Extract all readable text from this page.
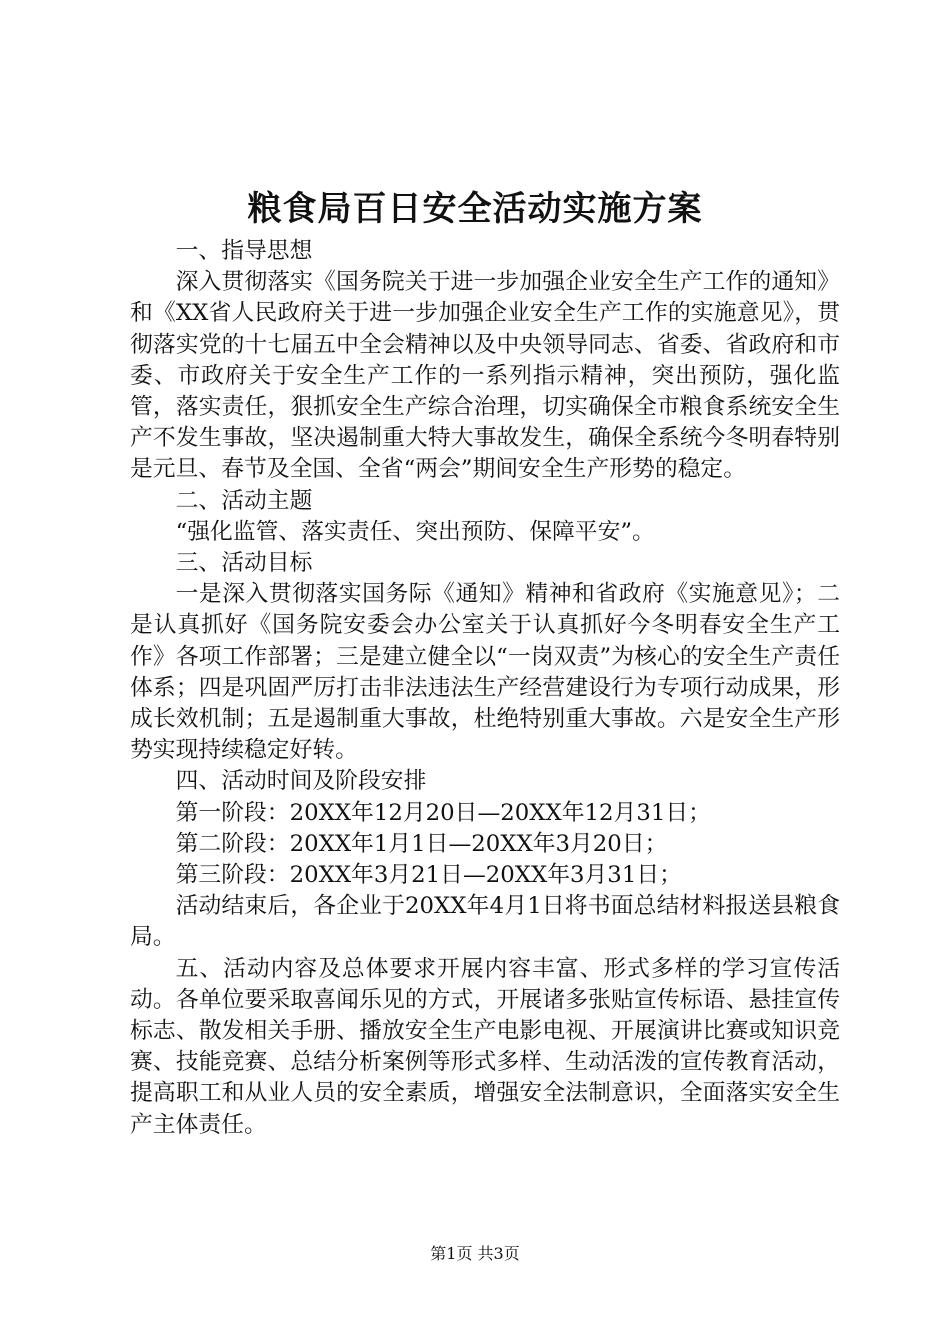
粮食局百日安全活动实施方案

一、指导思想

深入贯彻落实《国务院关于进一步加强企业安全生产工作的通知》和《XX省人民政府关于进一步加强企业安全生产工作的实施意见》，贯彻落实党的十七届五中全会精神以及中央领导同志、省委、省政府和市委、市政府关于安全生产工作的一系列指示精神，突出预防，强化监管，落实责任，狠抓安全生产综合治理，切实确保全市粮食系统安全生产不发生事故，坚决遏制重大特大事故发生，确保全系统今冬明春特别是元旦、春节及全国、全省“两会”期间安全生产形势的稳定。

二、活动主题

“强化监管、落实责任、突出预防、保障平安”。

三、活动目标

一是深入贯彻落实国务际《通知》精神和省政府《实施意见》；二是认真抓好《国务院安委会办公室关于认真抓好今冬明春安全生产工作》各项工作部署；三是建立健全以“一岗双责”为核心的安全生产责任体系；四是巩固严厉打击非法违法生产经营建设行为专项行动成果，形成长效机制；五是遏制重大事故，杜绝特别重大事故。六是安全生产形势实现持续稳定好转。

四、活动时间及阶段安排

第一阶段：20XX年12月20日—20XX年12月31日；

第二阶段：20XX年1月1日—20XX年3月20日；

第三阶段：20XX年3月21日—20XX年3月31日；

活动结束后，各企业于20XX年4月1日将书面总结材料报送县粮食局。

五、活动内容及总体要求开展内容丰富、形式多样的学习宣传活动。各单位要采取喜闻乐见的方式，开展诸多张贴宣传标语、悬挂宣传标志、散发相关手册、播放安全生产电影电视、开展演讲比赛或知识竞赛、技能竞赛、总结分析案例等形式多样、生动活泼的宣传教育活动，提高职工和从业人员的安全素质，增强安全法制意识，全面落实安全生产主体责任。

第1页 共3页
